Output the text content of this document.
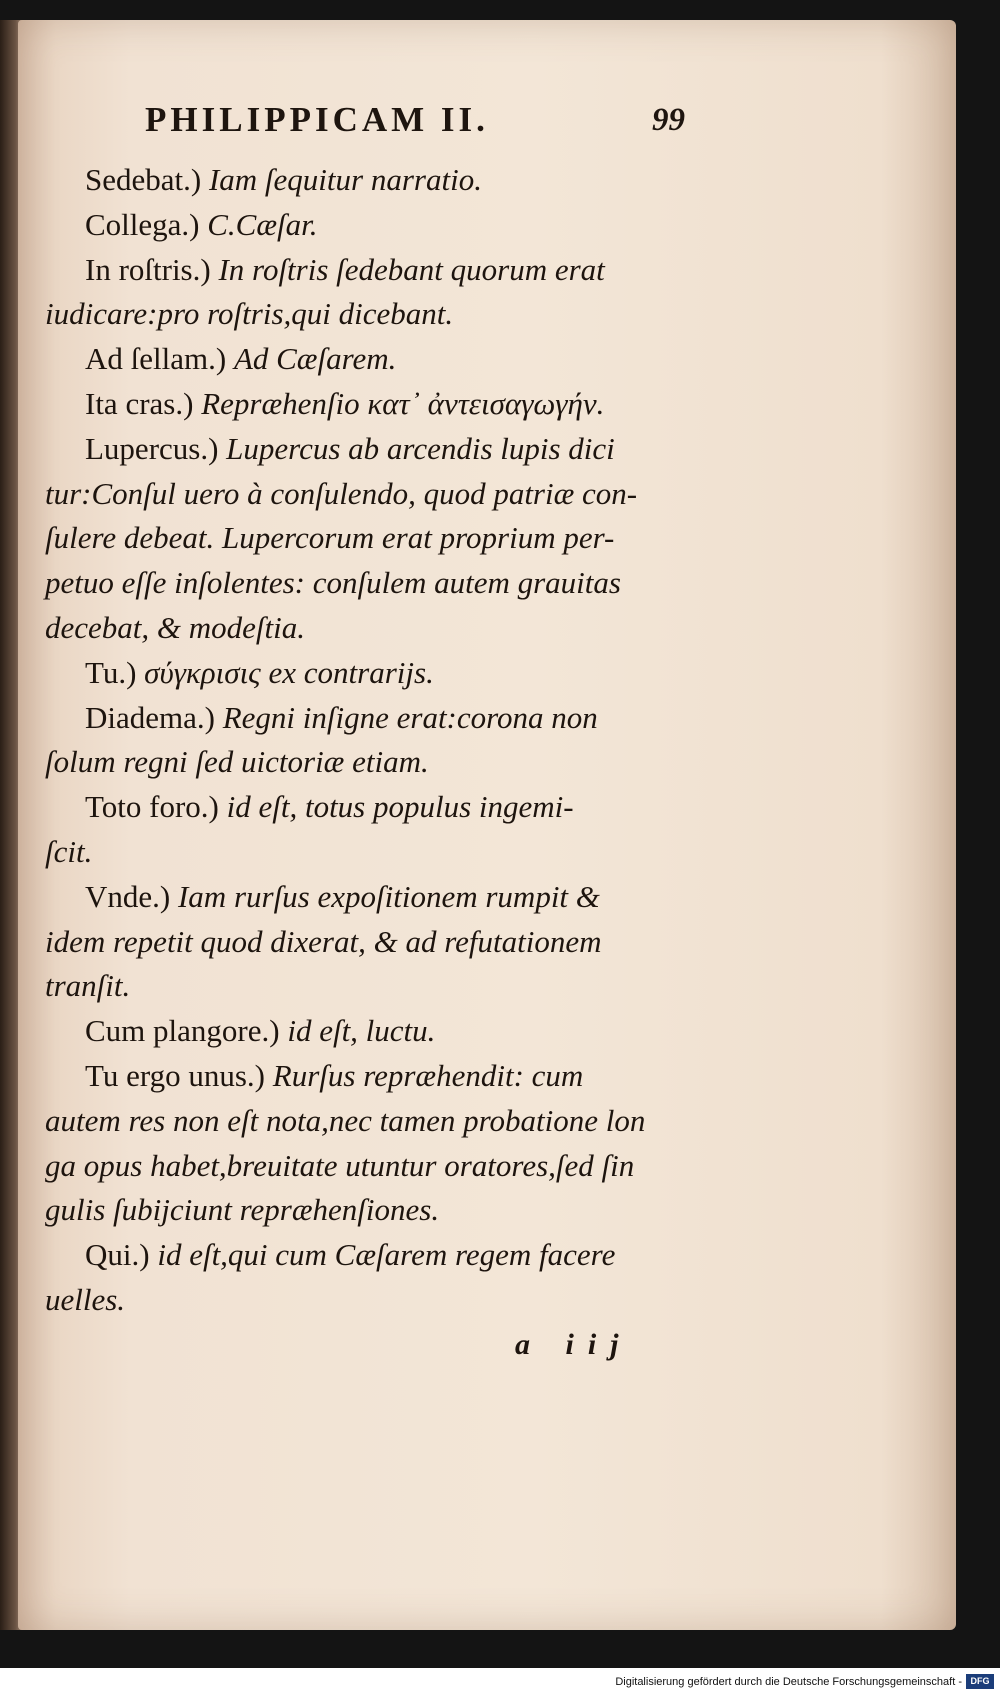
PHILIPPICAM II.	99
Sedebat.) Iam ſequitur narratio.
Collega.) C.Cæſar.
In roſtris.) In roſtris ſedebant quorum erat
iudicare:pro roſtris,qui dicebant.
Ad ſellam.) Ad Cæſarem.
Ita cras.) Repræhenſio κατ᾽ ἀντεισαγωγήν.
Lupercus.) Lupercus ab arcendis lupis dici
tur:Conſul uero à conſulendo, quod patriæ con-
ſulere debeat. Lupercorum erat proprium per-
petuo eſſe inſolentes: conſulem autem grauitas
decebat, & modeſtia.
Tu.) σύγκρισις ex contrarijs.
Diadema.) Regni inſigne erat:corona non
ſolum regni ſed uictoriæ etiam.
Toto foro.) id eſt, totus populus ingemi-
ſcit.
Vnde.) Iam rurſus expoſitionem rumpit &
idem repetit quod dixerat, & ad refutationem
tranſit.
Cum plangore.) id eſt, luctu.
Tu ergo unus.) Rurſus repræhendit: cum
autem res non eſt nota,nec tamen probatione lon
ga opus habet,breuitate utuntur oratores,ſed ſin
gulis ſubijciunt repræhenſiones.
Qui.) id eſt,qui cum Cæſarem regem facere
uelles.
a iij
Digitalisierung gefördert durch die Deutsche Forschungsgemeinschaft - DFG
